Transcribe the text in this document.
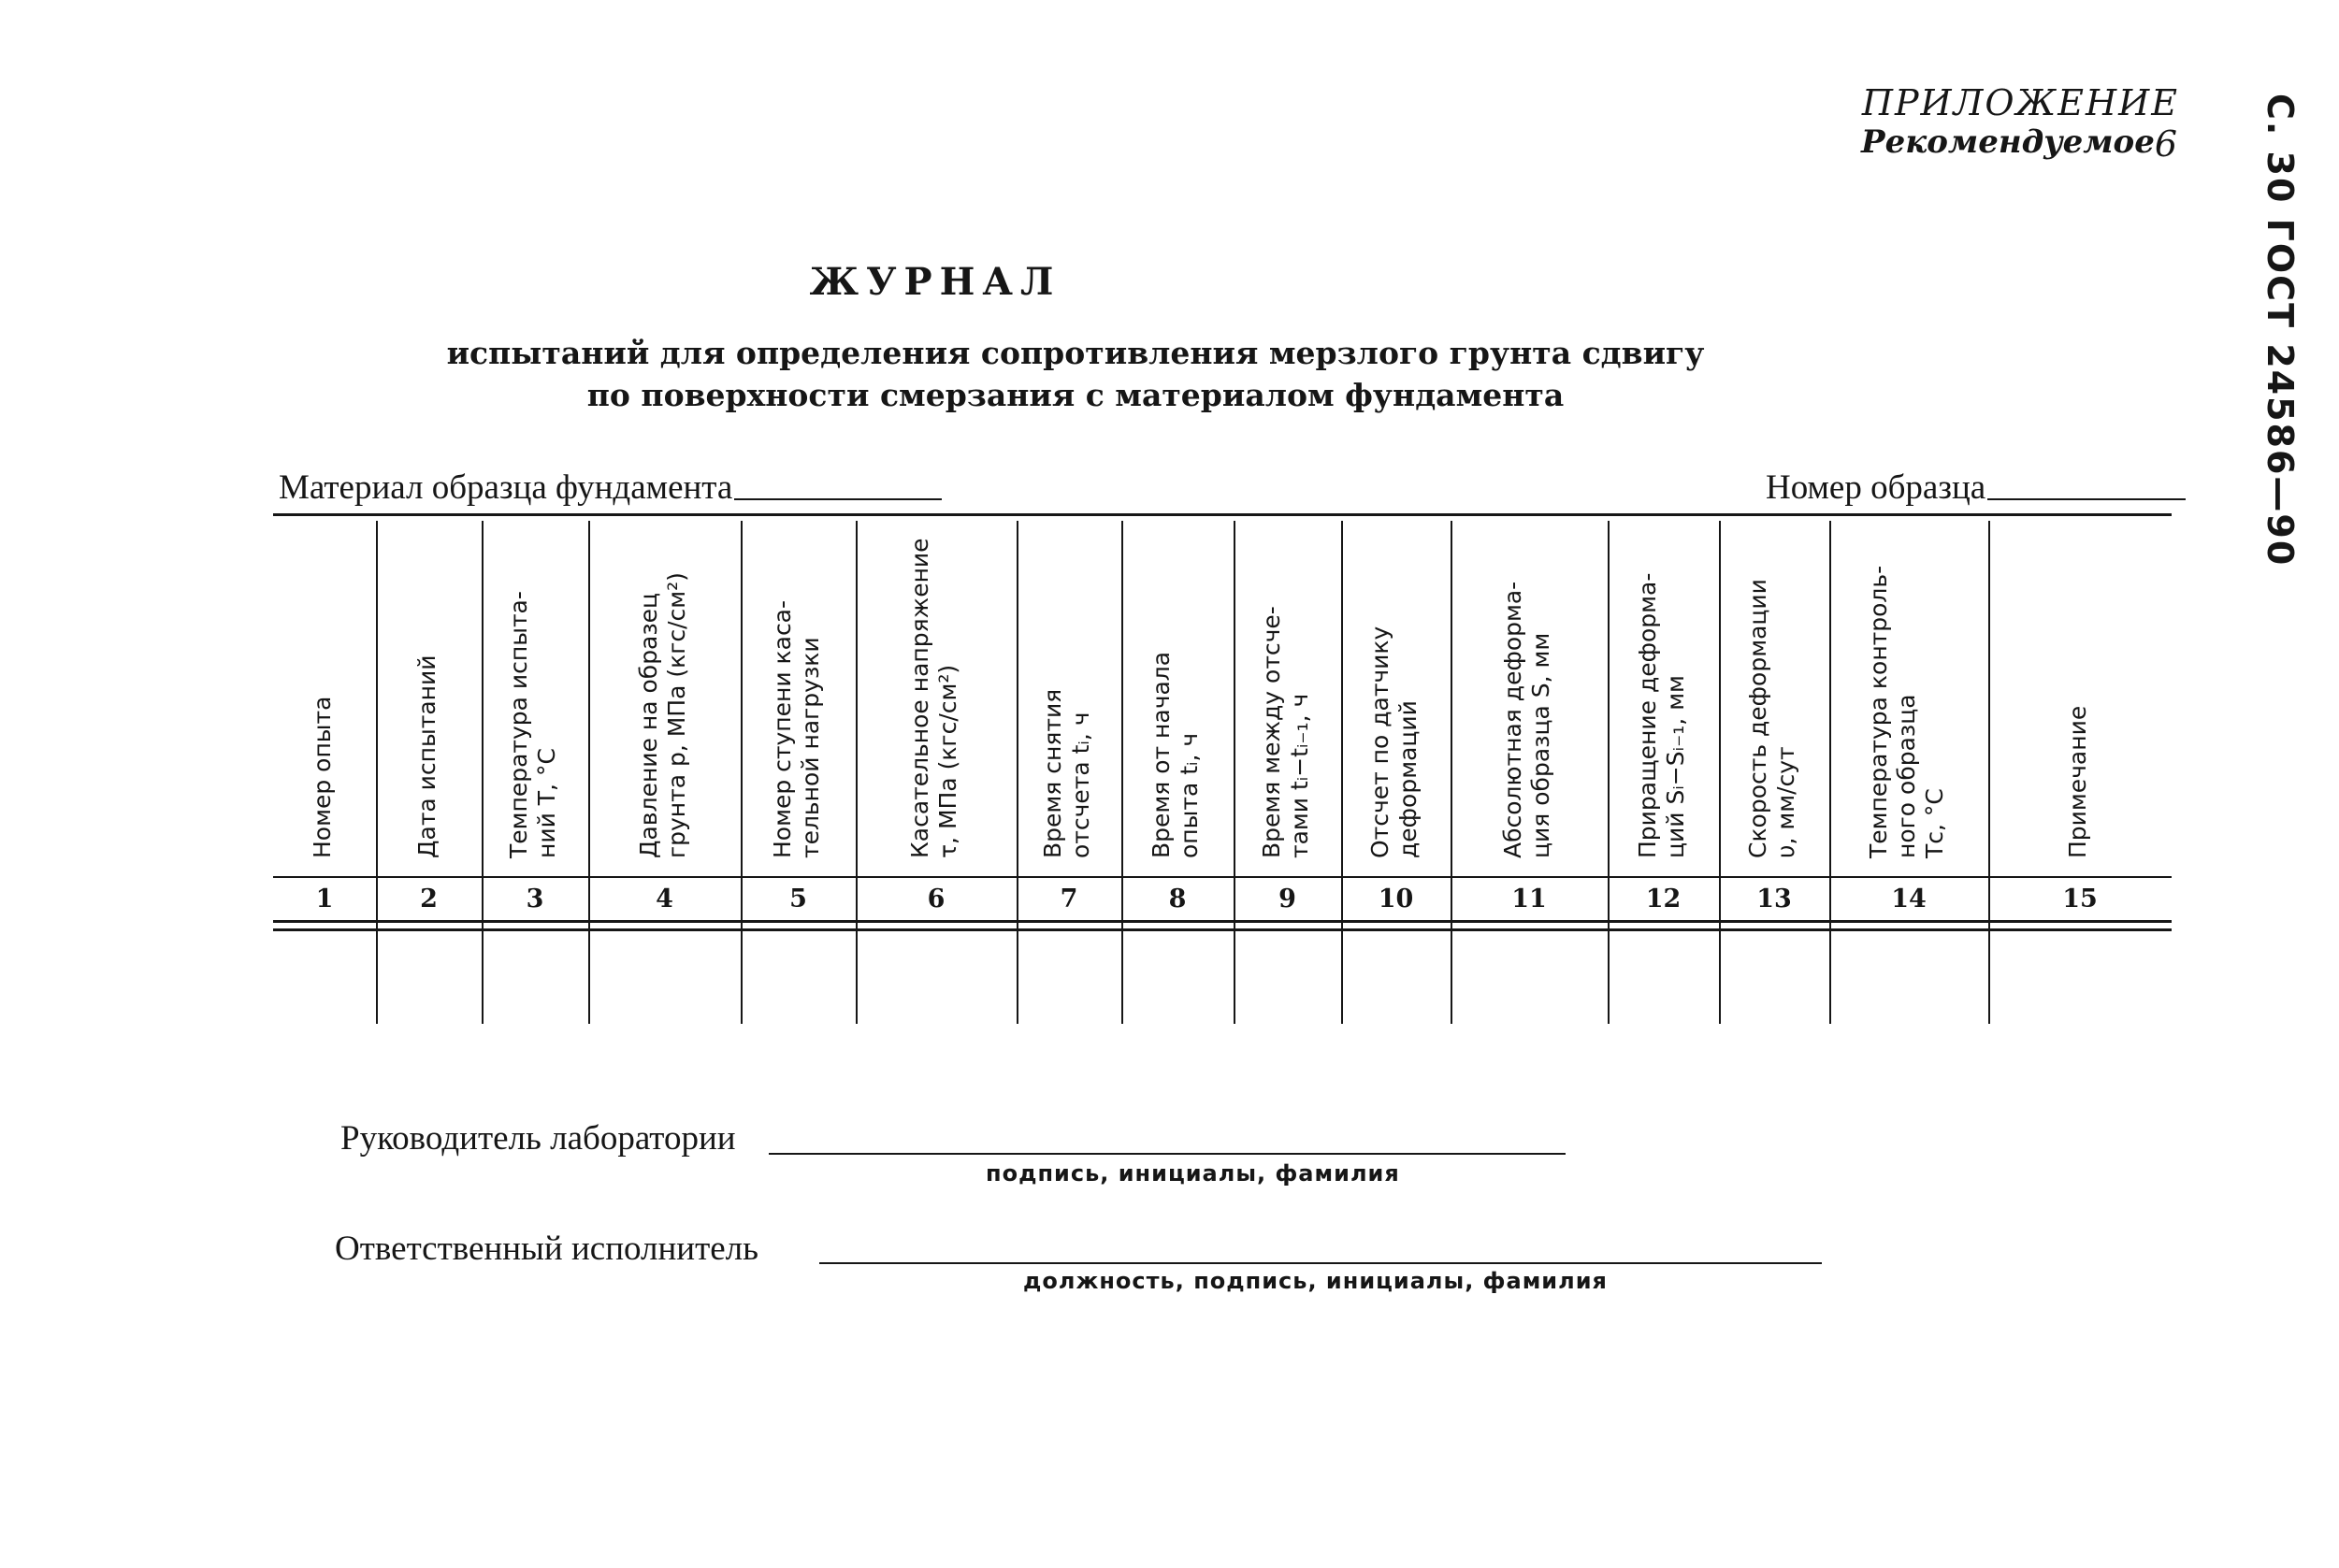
ПРИЛОЖЕНИЕ 6
Рекомендуемое	С. 30 ГОСТ 24586—90
ЖУРНАЛ
испытаний для определения сопротивления мерзлого грунта сдвигу
по поверхности смерзания с материалом фундамента
Материал образца фундамента	Номер образца
Номер опыта
1
Дата испытаний
2
Температура испыта-
ний T, °C
3
Давление на образец
грунта p, МПа (кгс/см²)
4
Номер ступени каса-
тельной нагрузки
5
Касательное напряжение
τ, МПа (кгс/см²)
6
Время снятия
отсчета tᵢ, ч
7
Время от начала
опыта tᵢ, ч
8
Время между отсче-
тами tᵢ−tᵢ₋₁, ч
9
Отсчет по датчику
деформаций
10
Абсолютная деформа-
ция образца S, мм
11
Приращение деформа-
ций Sᵢ−Sᵢ₋₁, мм
12
Скорость деформации
υ, мм/сут
13
Температура контроль-
ного образца
Tс, °C
14
Примечание
15
Руководитель лаборатории
подпись, инициалы, фамилия
Ответственный исполнитель
должность, подпись, инициалы, фамилия
